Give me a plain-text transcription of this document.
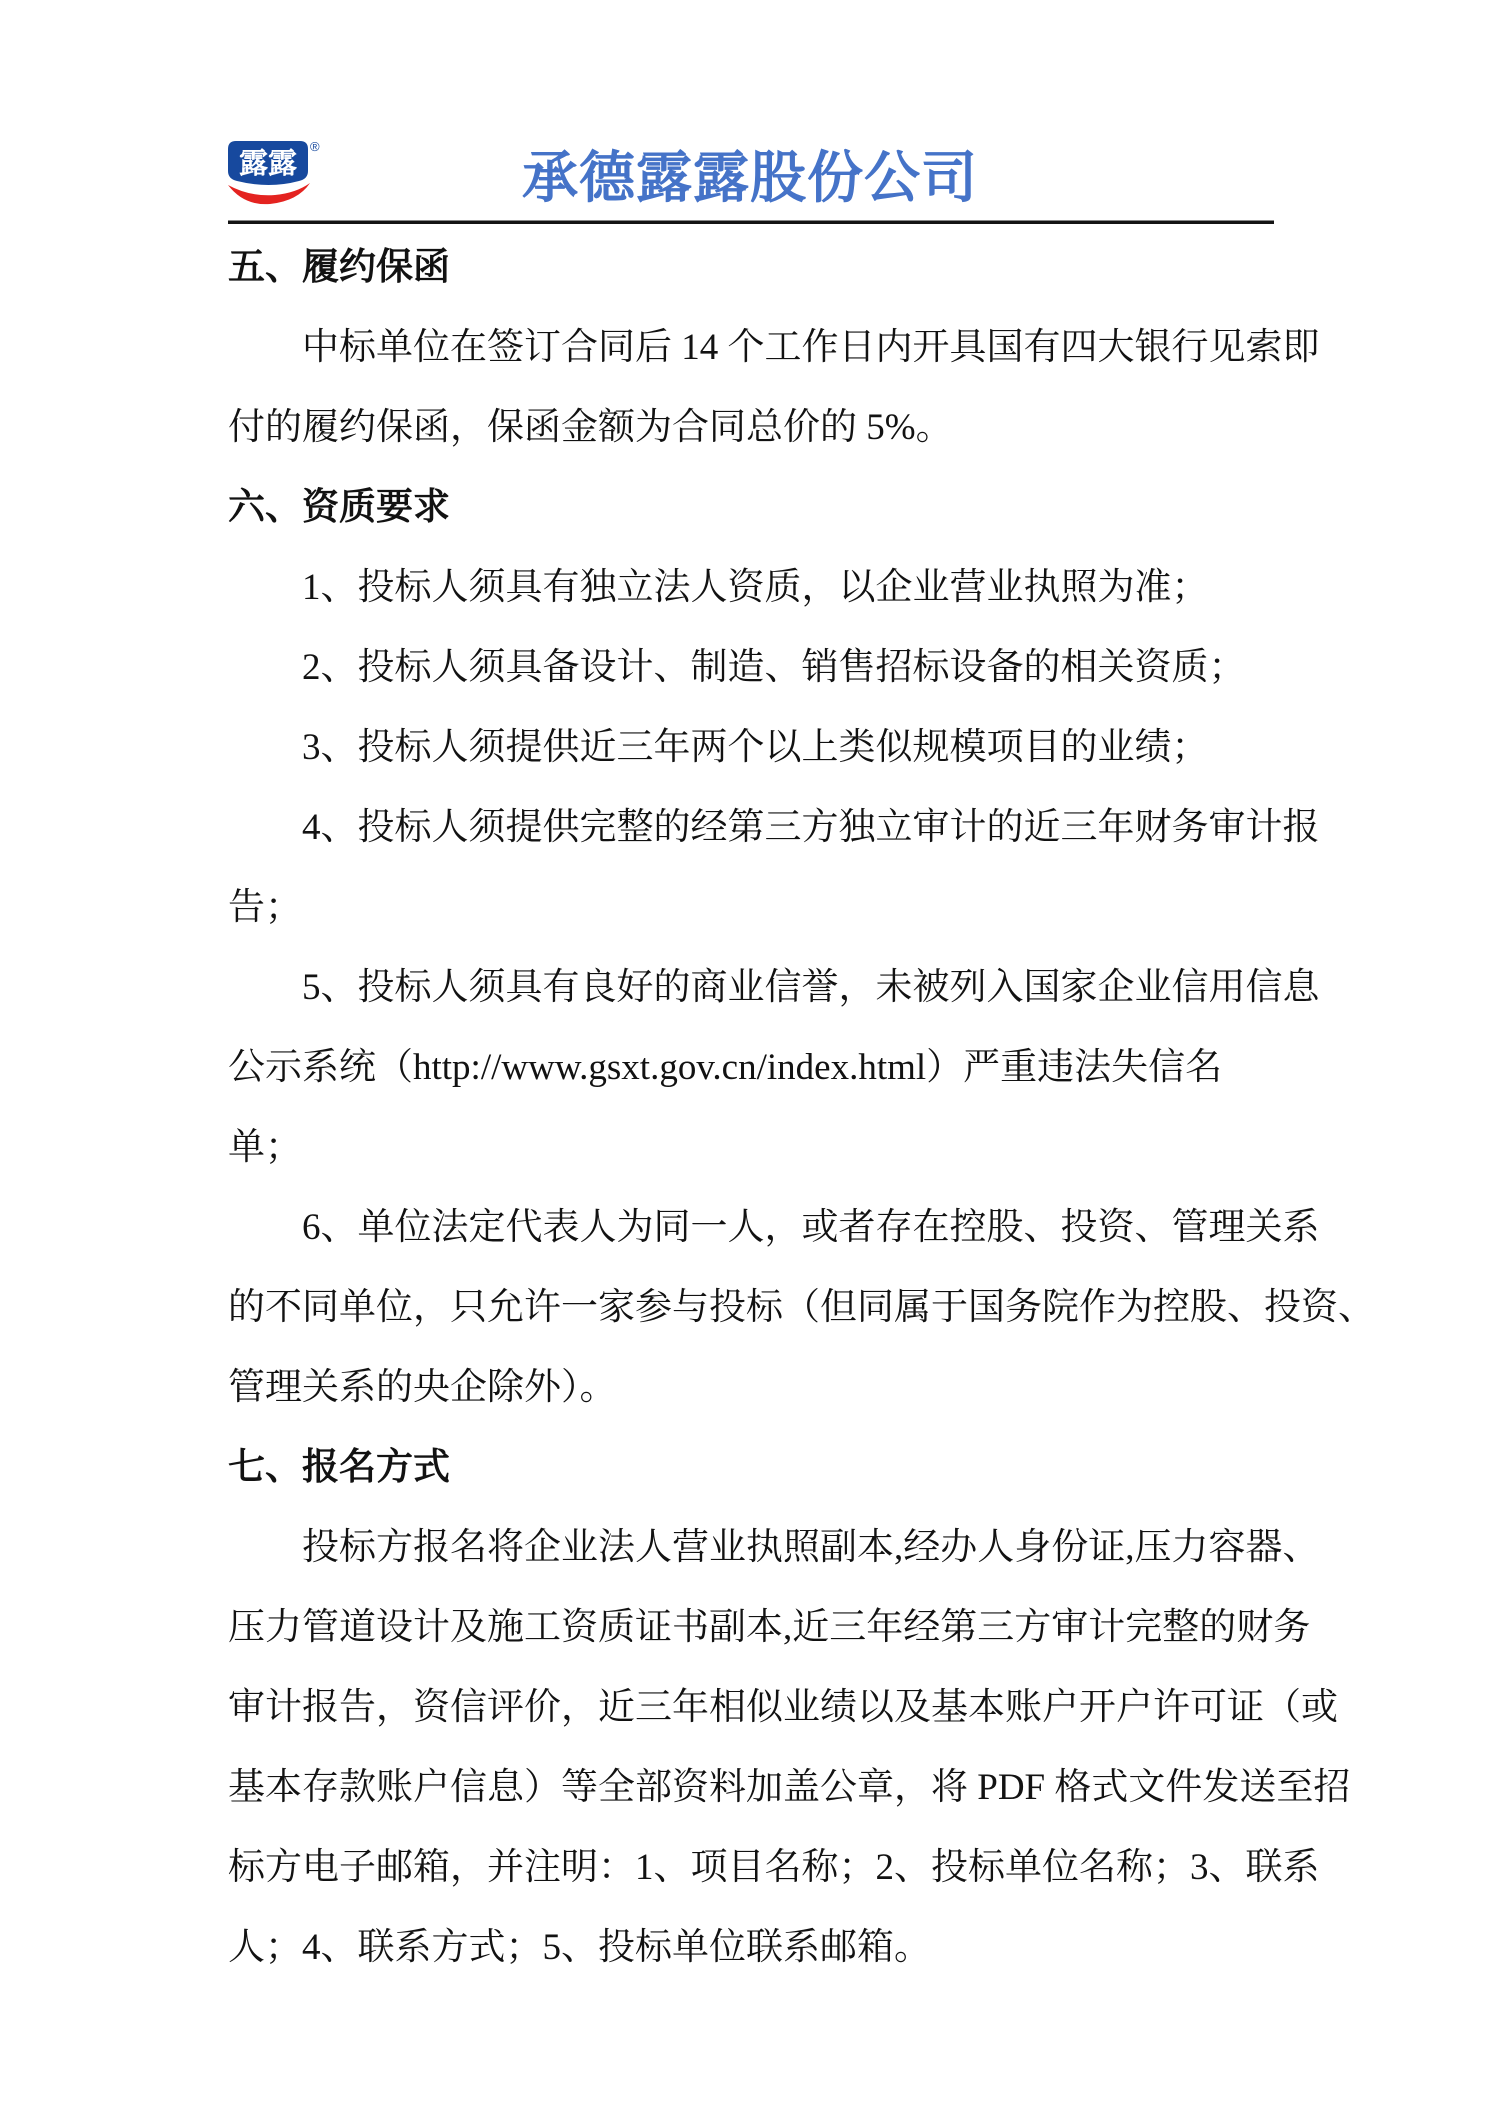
露露
®	承德露露股份公司
五、履约保函
中标单位在签订合同后 14 个工作日内开具国有四大银行见索即
付的履约保函，保函金额为合同总价的 5%。
六、资质要求
1、投标人须具有独立法人资质，以企业营业执照为准；
2、投标人须具备设计、制造、销售招标设备的相关资质；
3、投标人须提供近三年两个以上类似规模项目的业绩；
4、投标人须提供完整的经第三方独立审计的近三年财务审计报
告；
5、投标人须具有良好的商业信誉，未被列入国家企业信用信息
公示系统（http://www.gsxt.gov.cn/index.html）严重违法失信名
单；
6、单位法定代表人为同一人，或者存在控股、投资、管理关系
的不同单位，只允许一家参与投标（但同属于国务院作为控股、投资、
管理关系的央企除外）。
七、报名方式
投标方报名将企业法人营业执照副本,经办人身份证,压力容器、
压力管道设计及施工资质证书副本,近三年经第三方审计完整的财务
审计报告，资信评价，近三年相似业绩以及基本账户开户许可证（或
基本存款账户信息）等全部资料加盖公章，将 PDF 格式文件发送至招
标方电子邮箱，并注明：1、项目名称；2、投标单位名称；3、联系
人；4、联系方式；5、投标单位联系邮箱。
